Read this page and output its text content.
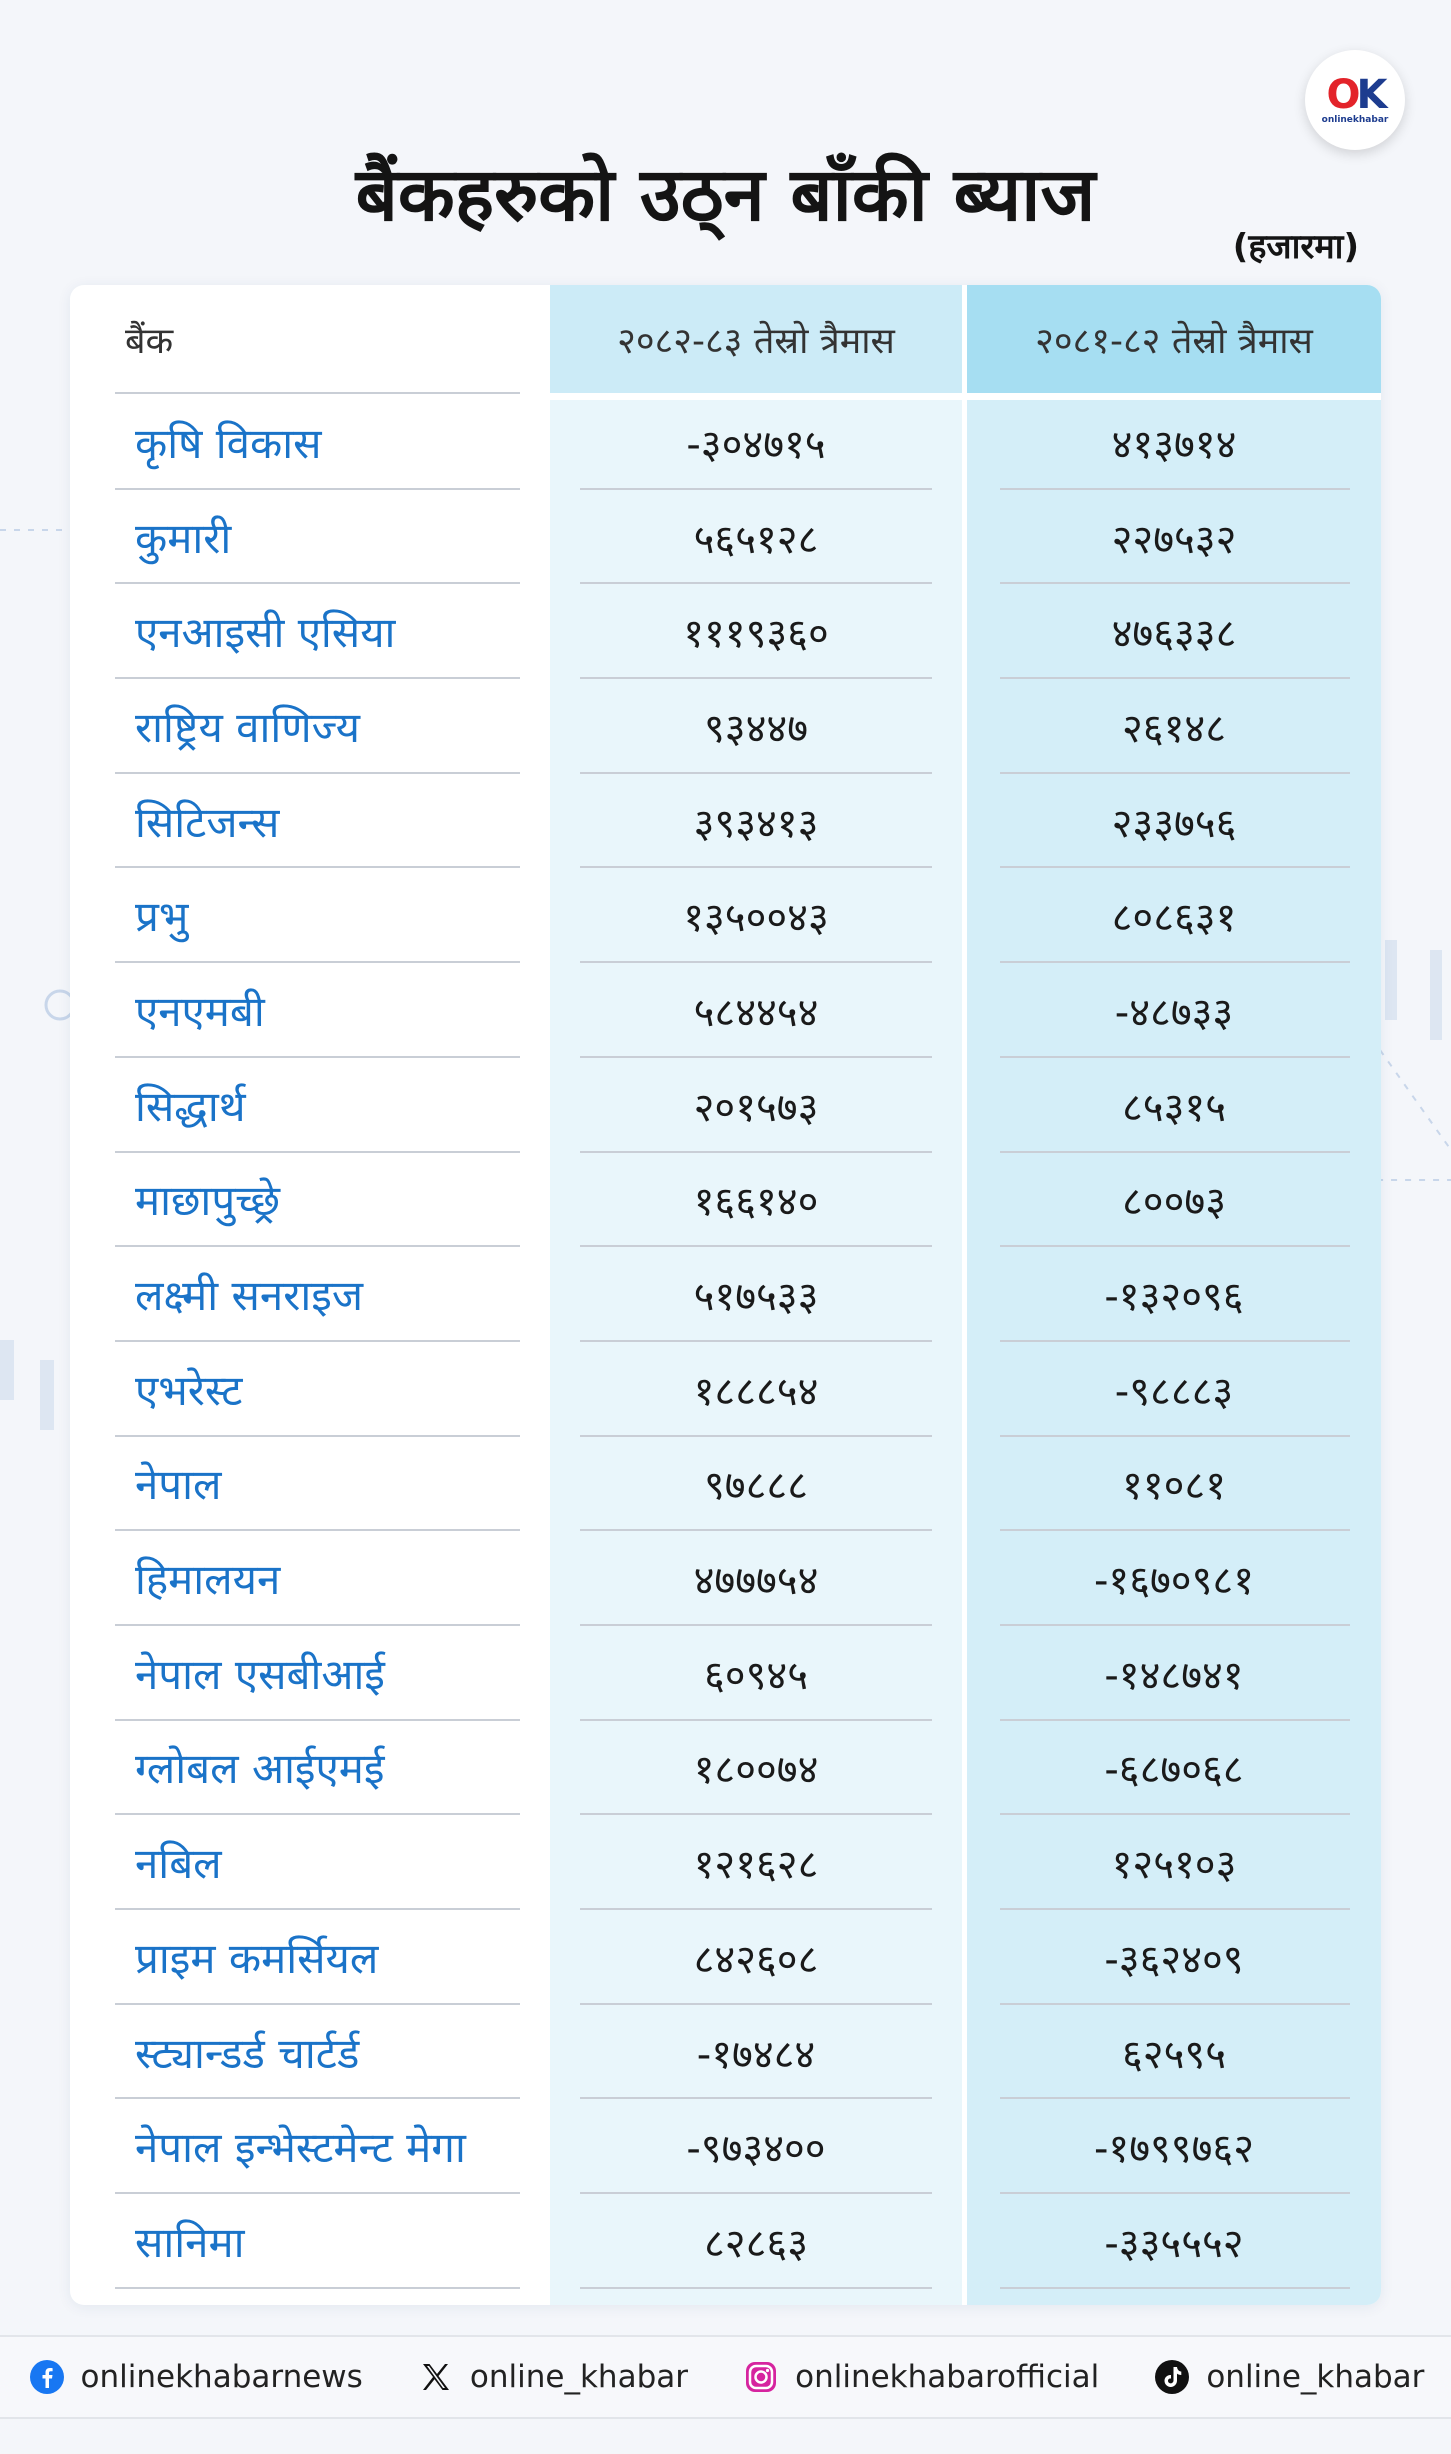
OK
onlinekhabar
बैंकहरुको उठ्न बाँकी ब्याज
(हजारमा)
बैंक	२०८२-८३ तेस्रो त्रैमास	२०८१-८२ तेस्रो त्रैमास
कृषि विकास	-३०४७१५	४१३७१४
कुमारी	५६५१२८	२२७५३२
एनआइसी एसिया	१११९३६०	४७६३३८
राष्ट्रिय वाणिज्य	९३४४७	२६१४८
सिटिजन्स	३९३४१३	२३३७५६
प्रभु	१३५००४३	८०८६३१
एनएमबी	५८४४५४	-४८७३३
सिद्धार्थ	२०१५७३	८५३१५
माछापुच्छ्रे	१६६१४०	८००७३
लक्ष्मी सनराइज	५१७५३३	-१३२०९६
एभरेस्ट	१८८८५४	-९८८८३
नेपाल	९७८८८	११०८१
हिमालयन	४७७७५४	-१६७०९८१
नेपाल एसबीआई	६०९४५	-१४८७४१
ग्लोबल आईएमई	१८००७४	-६८७०६८
नबिल	१२१६२८	१२५१०३
प्राइम कमर्सियल	८४२६०८	-३६२४०९
स्ट्यान्डर्ड चार्टर्ड	-१७४८४	६२५९५
नेपाल इन्भेस्टमेन्ट मेगा	-९७३४००	-१७९९७६२
सानिमा	८२८६३	-३३५५५२
onlinekhabarnews	online_khabar	onlinekhabarofficial	online_khabar
